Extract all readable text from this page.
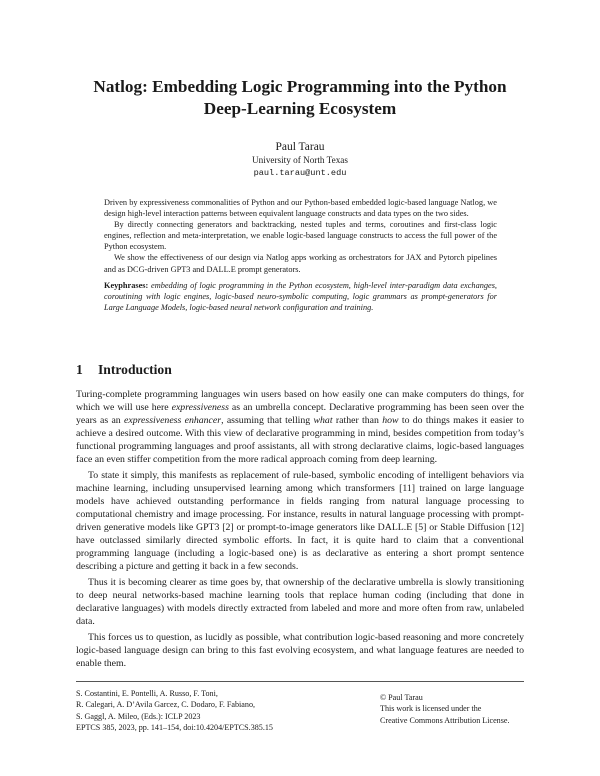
Natlog: Embedding Logic Programming into the Python
Deep-Learning Ecosystem
Paul Tarau
University of North Texas
paul.tarau@unt.edu

Driven by expressiveness commonalities of Python and our Python-based embedded logic-based language Natlog, we design high-level interaction patterns between equivalent language constructs and data types on the two sides.

By directly connecting generators and backtracking, nested tuples and terms, coroutines and first-class logic engines, reflection and meta-interpretation, we enable logic-based language constructs to access the full power of the Python ecosystem.

We show the effectiveness of our design via Natlog apps working as orchestrators for JAX and Pytorch pipelines and as DCG-driven GPT3 and DALL.E prompt generators.

Keyphrases: embedding of logic programming in the Python ecosystem, high-level inter-paradigm data exchanges, coroutining with logic engines, logic-based neuro-symbolic computing, logic grammars as prompt-generators for Large Language Models, logic-based neural network configuration and training.

1 Introduction

Turing-complete programming languages win users based on how easily one can make computers do things, for which we will use here expressiveness as an umbrella concept. Declarative programming has been seen over the years as an expressiveness enhancer, assuming that telling what rather than how to do things makes it easier to achieve a desired outcome. With this view of declarative programming in mind, besides competition from today’s functional programming languages and proof assistants, all with strong declarative claims, logic-based languages face an even stiffer competition from the more radical approach coming from deep learning.

To state it simply, this manifests as replacement of rule-based, symbolic encoding of intelligent behaviors via machine learning, including unsupervised learning among which transformers [11] trained on large language models have achieved outstanding performance in fields ranging from natural language processing to computational chemistry and image processing. For instance, results in natural language processing with prompt-driven generative models like GPT3 [2] or prompt-to-image generators like DALL.E [5] or Stable Diffusion [12] have outclassed similarly directed symbolic efforts. In fact, it is quite hard to claim that a conventional programming language (including a logic-based one) is as declarative as entering a short prompt sentence describing a picture and getting it back in a few seconds.

Thus it is becoming clearer as time goes by, that ownership of the declarative umbrella is slowly transitioning to deep neural networks-based machine learning tools that replace human coding (including that done in declarative languages) with models directly extracted from labeled and more and more often from raw, unlabeled data.

This forces us to question, as lucidly as possible, what contribution logic-based reasoning and more concretely logic-based language design can bring to this fast evolving ecosystem, and what language features are needed to enable them.

S. Costantini, E. Pontelli, A. Russo, F. Toni,
R. Calegari, A. D’Avila Garcez, C. Dodaro, F. Fabiano,
S. Gaggl, A. Mileo, (Eds.): ICLP 2023
EPTCS 385, 2023, pp. 141–154, doi:10.4204/EPTCS.385.15
© Paul Tarau
This work is licensed under the
Creative Commons Attribution License.
